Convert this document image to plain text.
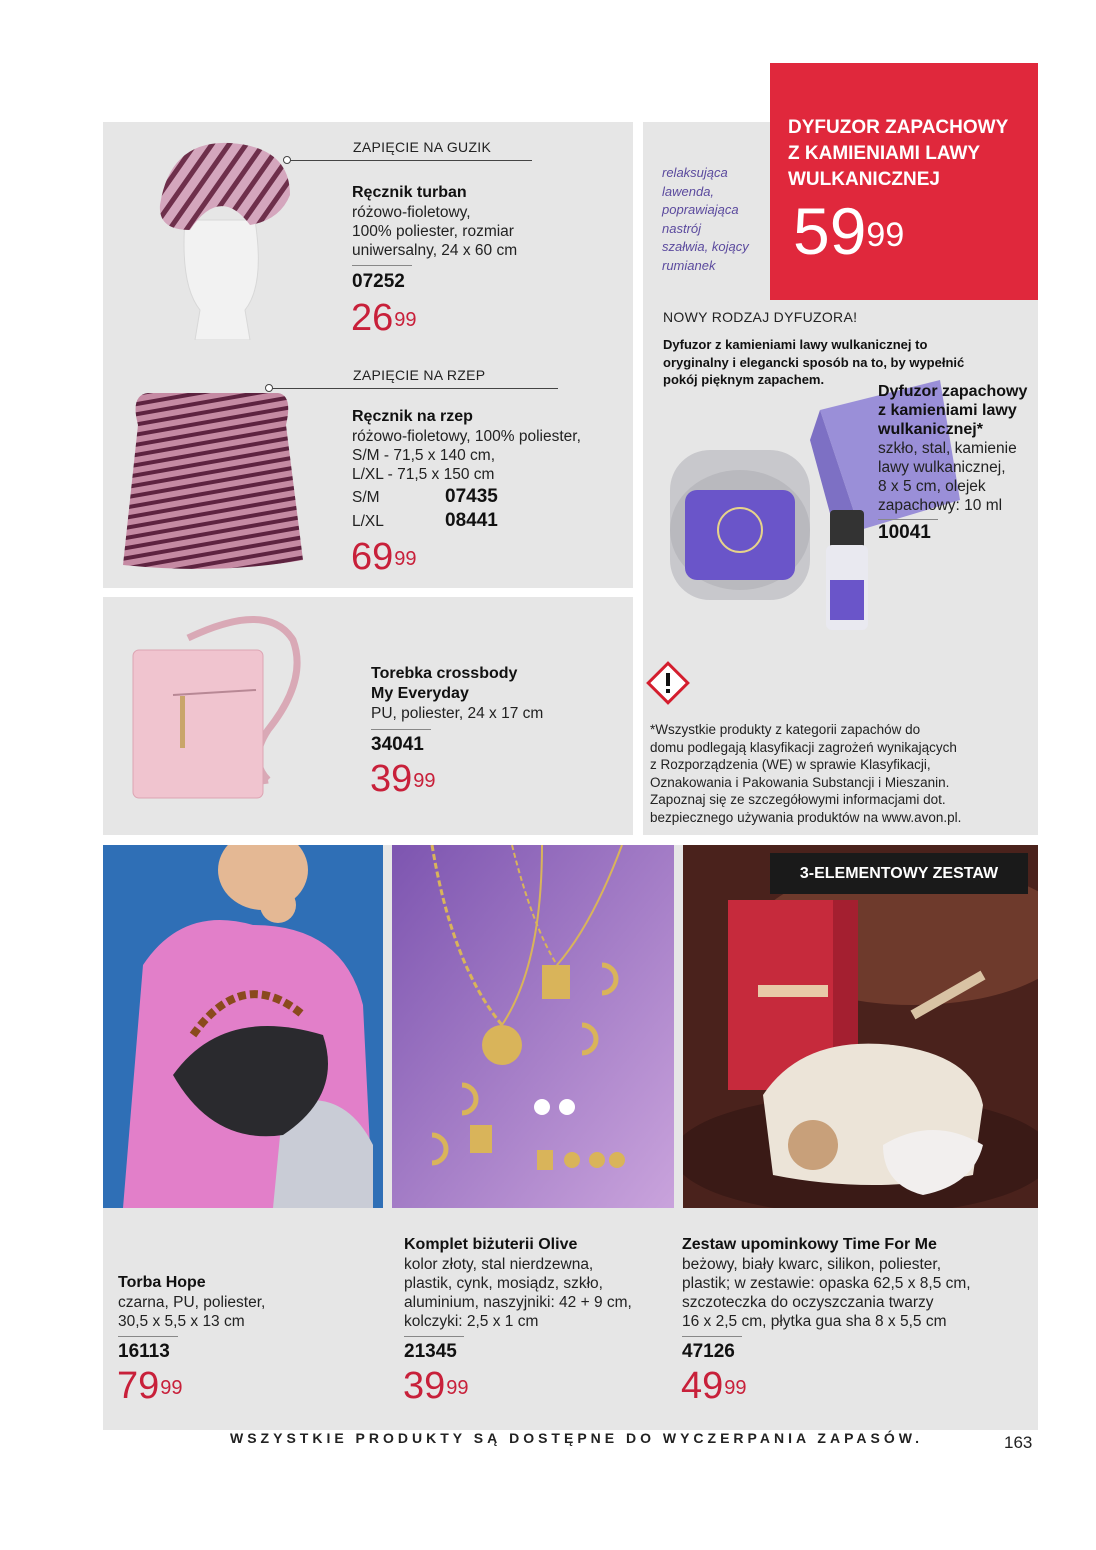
ZAPIĘCIE NA GUZIK
Ręcznik turban
różowo-fioletowy,
100% poliester, rozmiar
uniwersalny, 24 x 60 cm
07252
$26^{99}$
ZAPIĘCIE NA RZEP
Ręcznik na rzep
różowo-fioletowy, 100% poliester,
S/M - 71,5 x 140 cm,
L/XL - 71,5 x 150 cm
S/M	07435
L/XL	08441
$69^{99}$
Torebka crossbody
My Everyday
PU, poliester, 24 x 17 cm
34041
$39^{99}$
DYFUZOR ZAPACHOWY
Z KAMIENIAMI LAWY
WULKANICZNEJ
$59^{99}$
relaksująca
lawenda,
poprawiająca
nastrój
szałwia, kojący
rumianek
NOWY RODZAJ DYFUZORA!
Dyfuzor z kamieniami lawy wulkanicznej to
oryginalny i elegancki sposób na to, by wypełnić
pokój pięknym zapachem.
Dyfuzor zapachowy
z kamieniami lawy
wulkanicznej*
szkło, stal, kamienie
lawy wulkanicznej,
8 x 5 cm, olejek
zapachowy: 10 ml
10041
*Wszystkie produkty z kategorii zapachów do
domu podlegają klasyfikacji zagrożeń wynikających
z Rozporządzenia (WE) w sprawie Klasyfikacji,
Oznakowania i Pakowania Substancji i Mieszanin.
Zapoznaj się ze szczegółowymi informacjami dot.
bezpiecznego używania produktów na www.avon.pl.
3-ELEMENTOWY ZESTAW
Torba Hope
czarna, PU, poliester,
30,5 x 5,5 x 13 cm
16113
$79^{99}$
Komplet biżuterii Olive
kolor złoty, stal nierdzewna,
plastik, cynk, mosiądz, szkło,
aluminium, naszyjniki: 42 + 9 cm,
kolczyki: 2,5 x 1 cm
21345
$39^{99}$
Zestaw upominkowy Time For Me
beżowy, biały kwarc, silikon, poliester,
plastik; w zestawie: opaska 62,5 x 8,5 cm,
szczoteczka do oczyszczania twarzy
16 x 2,5 cm, płytka gua sha 8 x 5,5 cm
47126
$49^{99}$
WSZYSTKIE PRODUKTY SĄ DOSTĘPNE DO WYCZERPANIA ZAPASÓW.	163
